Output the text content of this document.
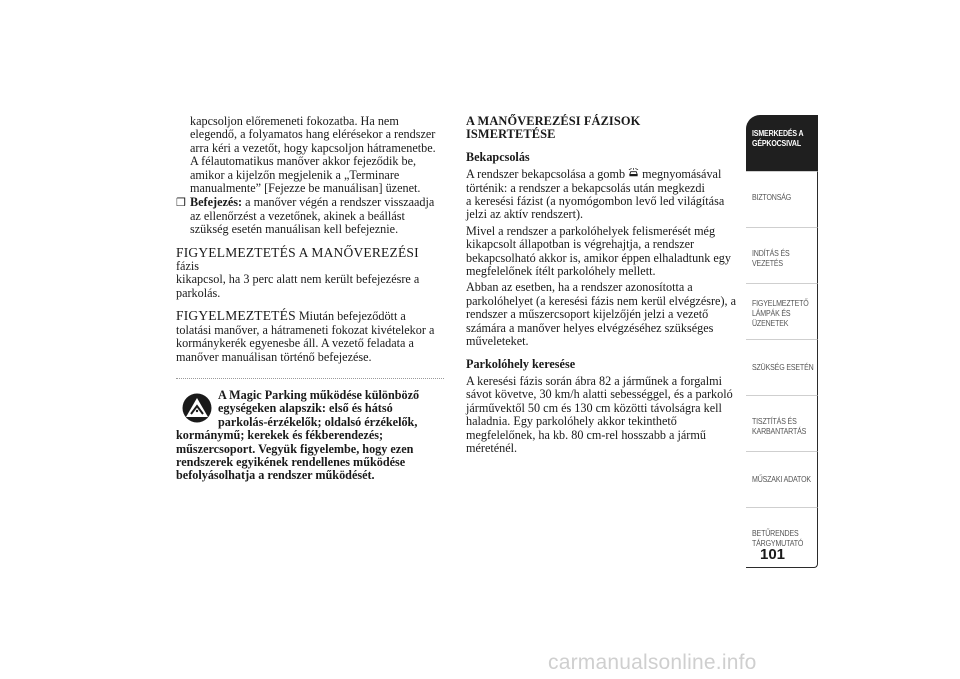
kapcsoljon előremeneti fokozatba. Ha nem

elegendő, a folyamatos hang elérésekor a rendszer

arra kéri a vezetőt, hogy kapcsoljon hátramenetbe.

A félautomatikus manőver akkor fejeződik be,

amikor a kijelzőn megjelenik a „Terminare

manualmente” [Fejezze be manuálisan] üzenet.

❒ Befejezés: a manőver végén a rendszer visszaadja

az ellenőrzést a vezetőnek, akinek a beállást

szükség esetén manuálisan kell befejeznie.

FIGYELMEZTETÉS A MANŐVEREZÉSI fázis

kikapcsol, ha 3 perc alatt nem került befejezésre a

parkolás.

FIGYELMEZTETÉS Miután befejeződött a

tolatási manőver, a hátrameneti fokozat kivételekor a

kormánykerék egyenesbe áll. A vezető feladata a

manőver manuálisan történő befejezése.

A Magic Parking működése különböző

egységeken alapszik: első és hátsó

parkolás-érzékelők; oldalsó érzékelők,

kormánymű; kerekek és fékberendezés;

műszercsoport. Vegyük figyelembe, hogy ezen

rendszerek egyikének rendellenes működése

befolyásolhatja a rendszer működését.

A MANŐVEREZÉSI FÁZISOK
ISMERTETÉSE
Bekapcsolás

A rendszer bekapcsolása a gomb  megnyomásával

történik: a rendszer a bekapcsolás után megkezdi

a keresési fázist (a nyomógombon levő led világítása

jelzi az aktív rendszert).

Mivel a rendszer a parkolóhelyek felismerését még

kikapcsolt állapotban is végrehajtja, a rendszer

bekapcsolható akkor is, amikor éppen elhaladtunk egy

megfelelőnek ítélt parkolóhely mellett.

Abban az esetben, ha a rendszer azonosította a

parkolóhelyet (a keresési fázis nem kerül elvégzésre), a

rendszer a műszercsoport kijelzőjén jelzi a vezető

számára a manőver helyes elvégzéséhez szükséges

műveleteket.

Parkolóhely keresése

A keresési fázis során ábra 82 a járműnek a forgalmi

sávot követve, 30 km/h alatti sebességgel, és a parkoló

járművektől 50 cm és 130 cm közötti távolságra kell

haladnia. Egy parkolóhely akkor tekinthető

megfelelőnek, ha kb. 80 cm-rel hosszabb a jármű

méreténél.

ISMERKEDÉS A
GÉPKOCSIVAL
BIZTONSÁG
INDÍTÁS ÉS
VEZETÉS
FIGYELMEZTETŐ
LÁMPÁK ÉS
ÜZENETEK
SZÜKSÉG ESETÉN
TISZTÍTÁS ÉS
KARBANTARTÁS
MŰSZAKI ADATOK
BETŰRENDES
TÁRGYMUTATÓ
101
carmanualsonline.info
